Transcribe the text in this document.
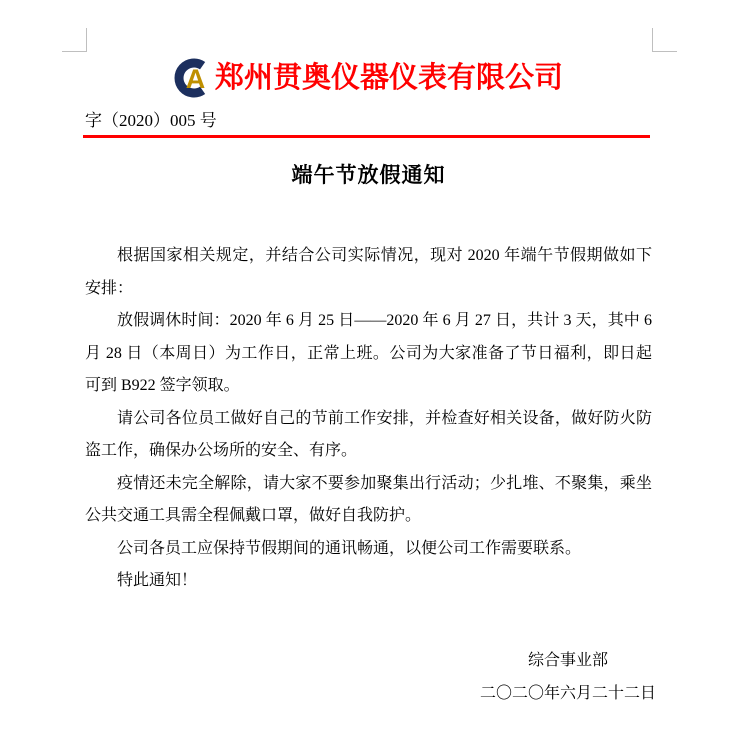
A 郑州贯奥仪器仪表有限公司
字（2020）005 号
端午节放假通知

根据国家相关规定，并结合公司实际情况，现对 2020 年端午节假期做如下安排：

放假调休时间：2020 年 6 月 25 日——2020 年 6 月 27 日，共计 3 天，其中 6 月 28 日（本周日）为工作日，正常上班。公司为大家准备了节日福利，即日起可到 B922 签字领取。

请公司各位员工做好自己的节前工作安排，并检查好相关设备，做好防火防盗工作，确保办公场所的安全、有序。

疫情还未完全解除，请大家不要参加聚集出行活动；少扎堆、不聚集，乘坐公共交通工具需全程佩戴口罩，做好自我防护。

公司各员工应保持节假期间的通讯畅通，以便公司工作需要联系。

特此通知！

综合事业部
二〇二〇年六月二十二日
